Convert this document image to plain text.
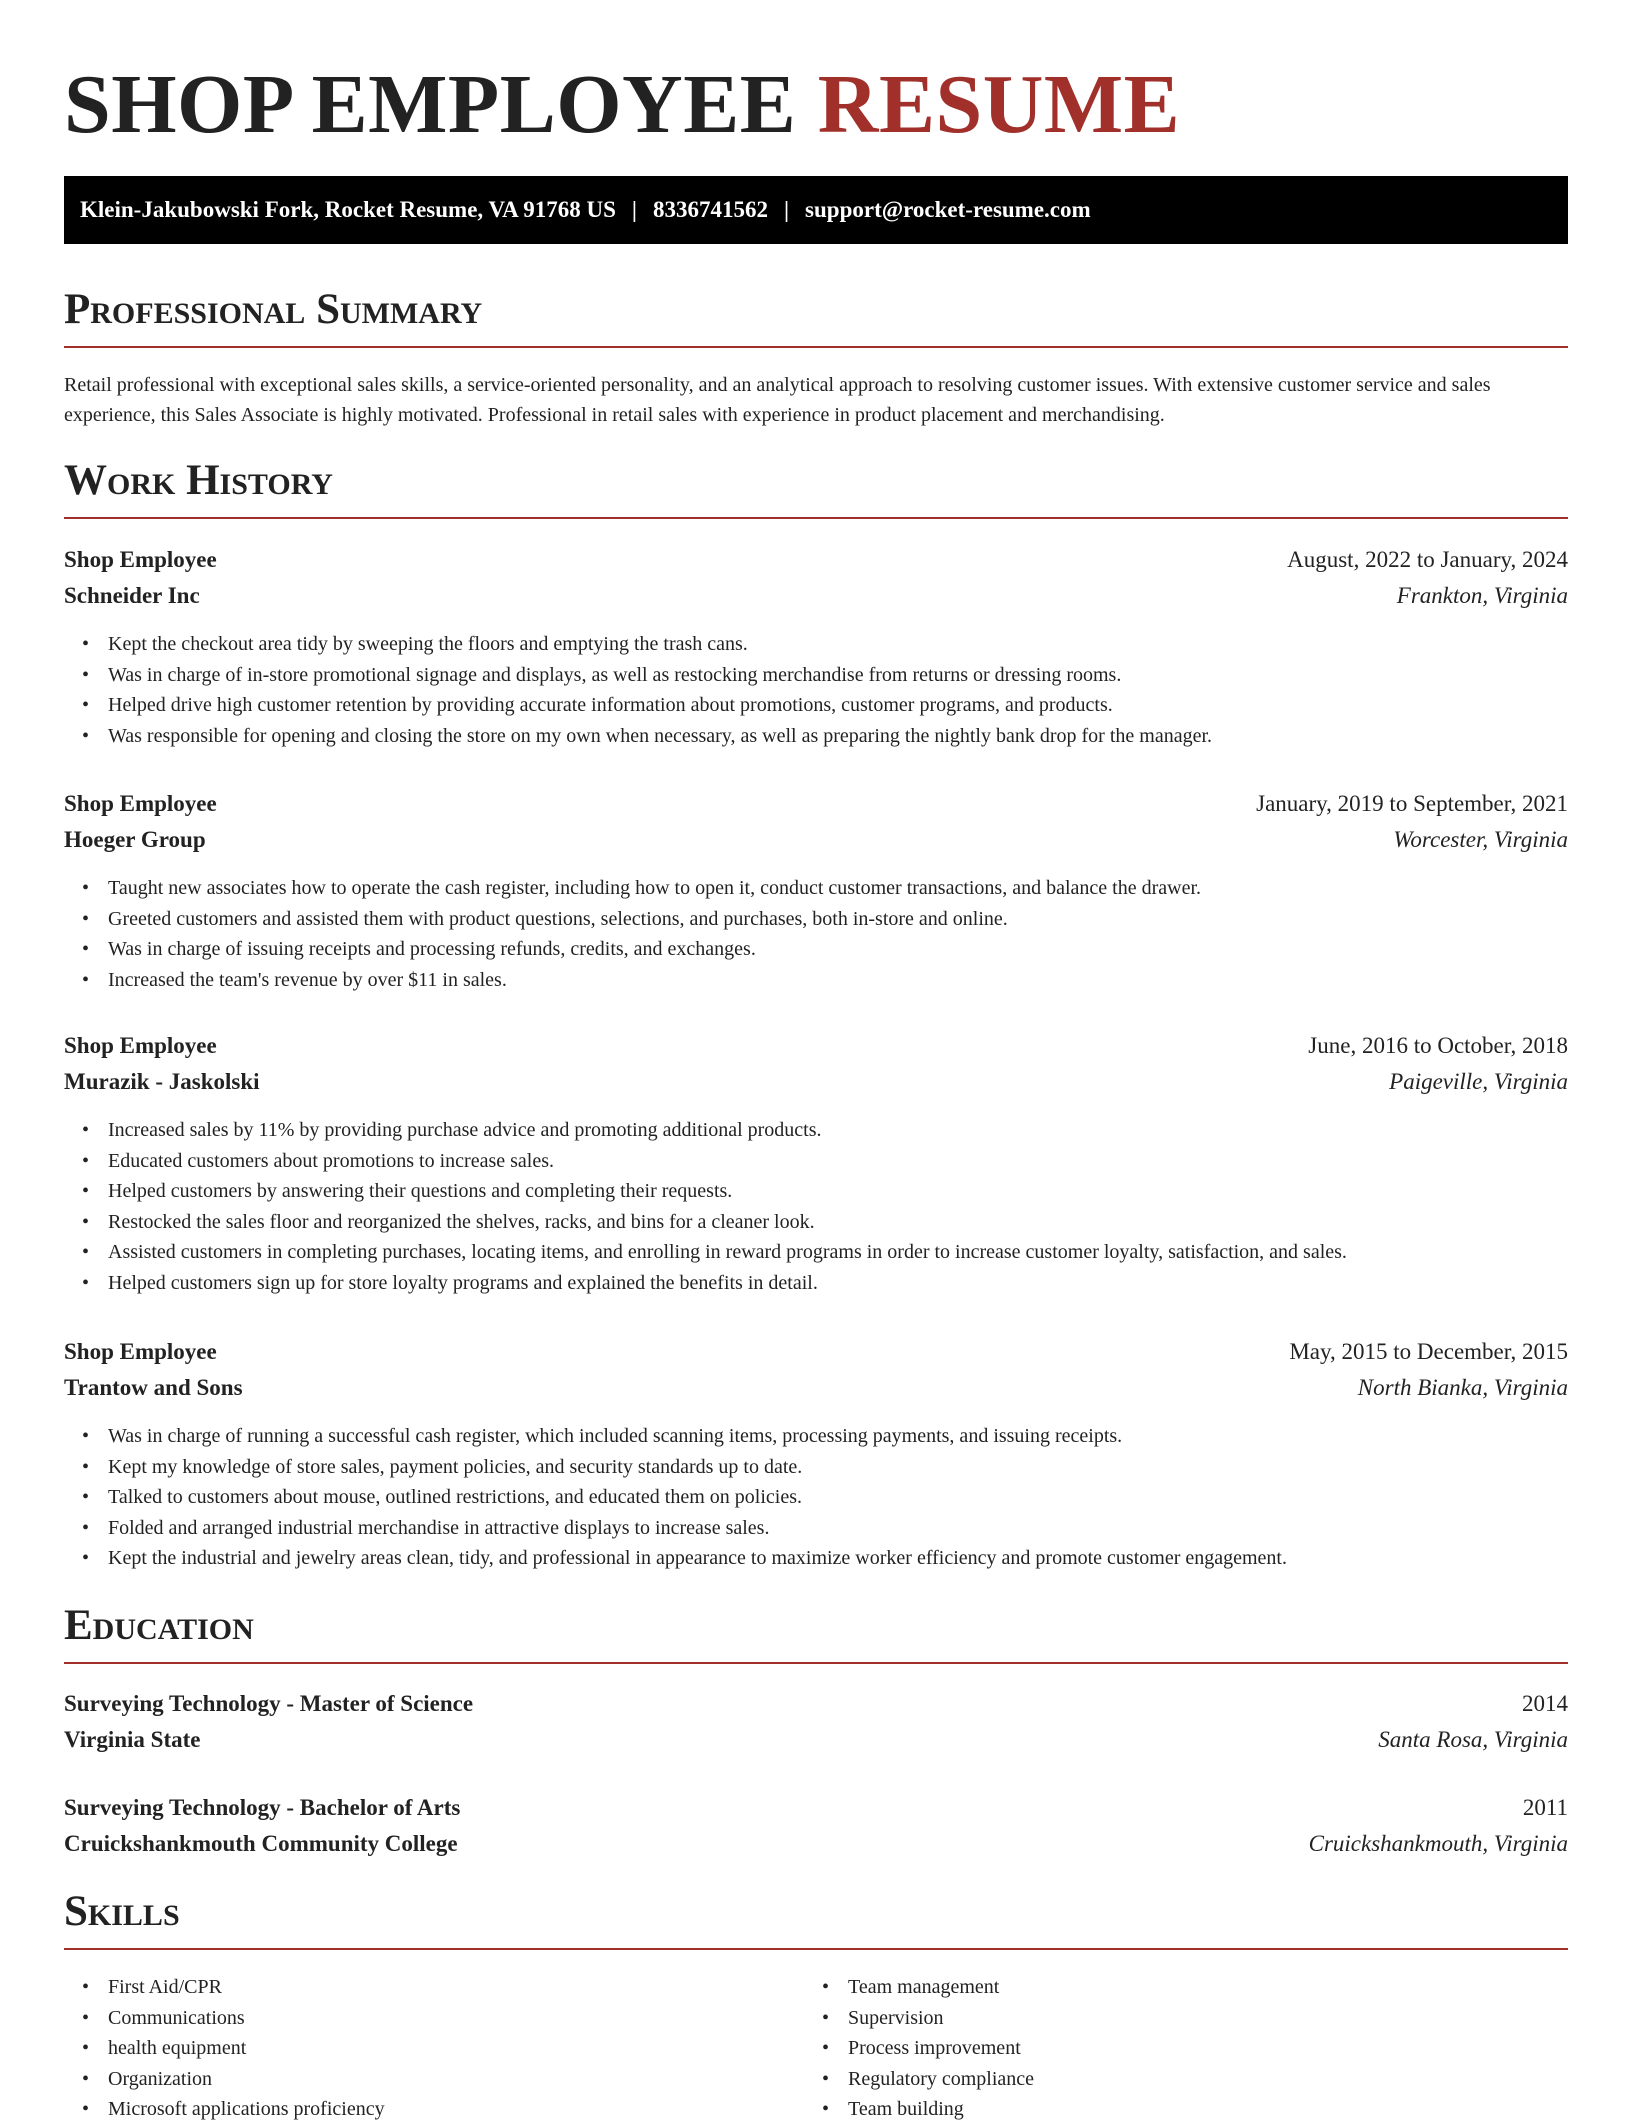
SHOP EMPLOYEE RESUME
Klein-Jakubowski Fork, Rocket Resume, VA 91768 US | 8336741562 | support@rocket-resume.com
Professional Summary
Retail professional with exceptional sales skills, a service-oriented personality, and an analytical approach to resolving customer issues. With extensive customer service and sales experience, this Sales Associate is highly motivated. Professional in retail sales with experience in product placement and merchandising.
Work History
Shop Employee	August, 2022 to January, 2024
Schneider Inc	Frankton, Virginia
• Kept the checkout area tidy by sweeping the floors and emptying the trash cans.
• Was in charge of in-store promotional signage and displays, as well as restocking merchandise from returns or dressing rooms.
• Helped drive high customer retention by providing accurate information about promotions, customer programs, and products.
• Was responsible for opening and closing the store on my own when necessary, as well as preparing the nightly bank drop for the manager.
Shop Employee	January, 2019 to September, 2021
Hoeger Group	Worcester, Virginia
• Taught new associates how to operate the cash register, including how to open it, conduct customer transactions, and balance the drawer.
• Greeted customers and assisted them with product questions, selections, and purchases, both in-store and online.
• Was in charge of issuing receipts and processing refunds, credits, and exchanges.
• Increased the team's revenue by over $11 in sales.
Shop Employee	June, 2016 to October, 2018
Murazik - Jaskolski	Paigeville, Virginia
• Increased sales by 11% by providing purchase advice and promoting additional products.
• Educated customers about promotions to increase sales.
• Helped customers by answering their questions and completing their requests.
• Restocked the sales floor and reorganized the shelves, racks, and bins for a cleaner look.
• Assisted customers in completing purchases, locating items, and enrolling in reward programs in order to increase customer loyalty, satisfaction, and sales.
• Helped customers sign up for store loyalty programs and explained the benefits in detail.
Shop Employee	May, 2015 to December, 2015
Trantow and Sons	North Bianka, Virginia
• Was in charge of running a successful cash register, which included scanning items, processing payments, and issuing receipts.
• Kept my knowledge of store sales, payment policies, and security standards up to date.
• Talked to customers about mouse, outlined restrictions, and educated them on policies.
• Folded and arranged industrial merchandise in attractive displays to increase sales.
• Kept the industrial and jewelry areas clean, tidy, and professional in appearance to maximize worker efficiency and promote customer engagement.
Education
Surveying Technology - Master of Science	2014
Virginia State	Santa Rosa, Virginia
Surveying Technology - Bachelor of Arts	2011
Cruickshankmouth Community College	Cruickshankmouth, Virginia
Skills
• First Aid/CPR
• Communications
• health equipment
• Organization
• Microsoft applications proficiency
• Team management
• Supervision
• Process improvement
• Regulatory compliance
• Team building
